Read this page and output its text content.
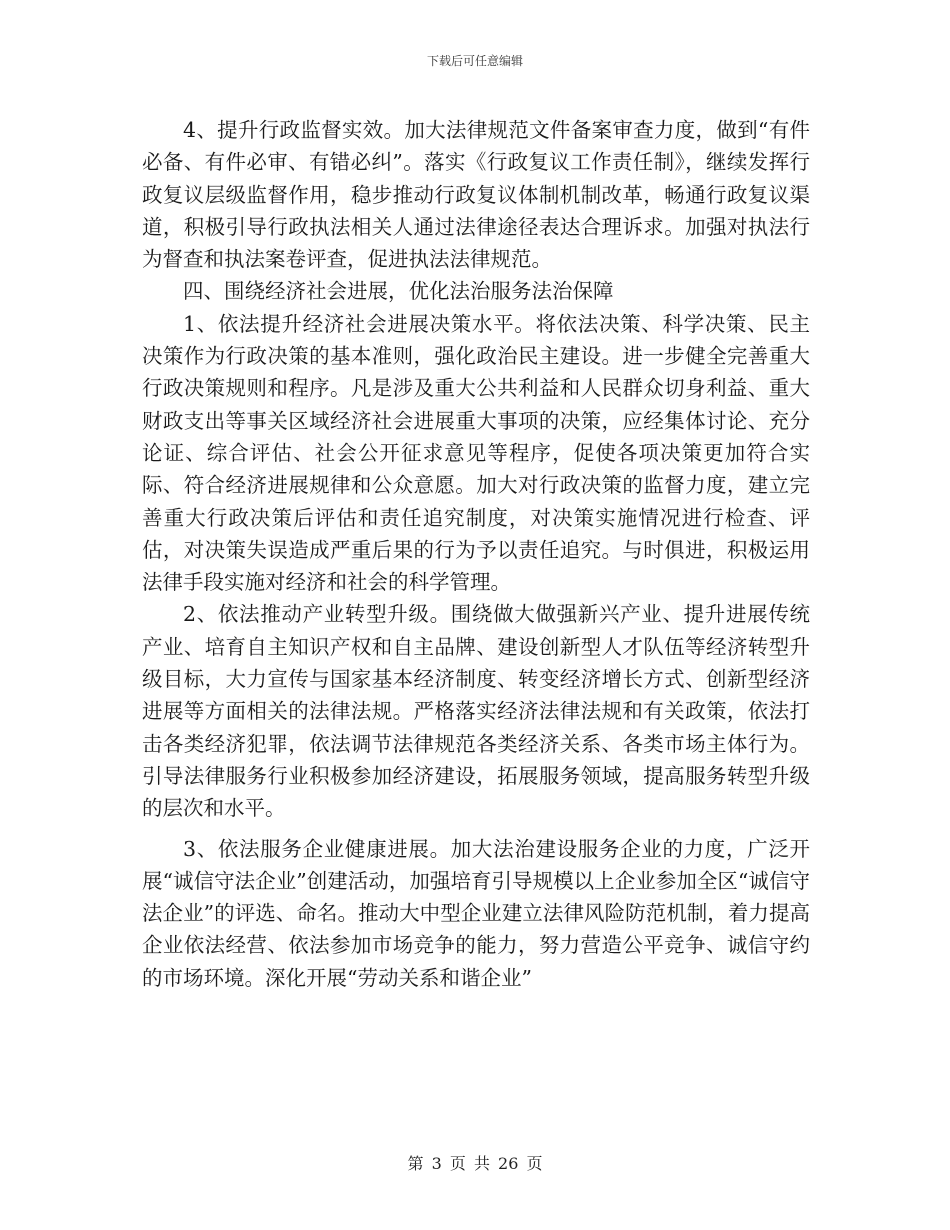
下载后可任意编辑

4、提升行政监督实效。加大法律规范文件备案审查力度，做到“有件必备、有件必审、有错必纠”。落实《行政复议工作责任制》，继续发挥行政复议层级监督作用，稳步推动行政复议体制机制改革，畅通行政复议渠道，积极引导行政执法相关人通过法律途径表达合理诉求。加强对执法行为督查和执法案卷评查，促进执法法律规范。

四、围绕经济社会进展，优化法治服务法治保障

1、依法提升经济社会进展决策水平。将依法决策、科学决策、民主决策作为行政决策的基本准则，强化政治民主建设。进一步健全完善重大行政决策规则和程序。凡是涉及重大公共利益和人民群众切身利益、重大财政支出等事关区域经济社会进展重大事项的决策，应经集体讨论、充分论证、综合评估、社会公开征求意见等程序，促使各项决策更加符合实际、符合经济进展规律和公众意愿。加大对行政决策的监督力度，建立完善重大行政决策后评估和责任追究制度，对决策实施情况进行检查、评估，对决策失误造成严重后果的行为予以责任追究。与时俱进，积极运用法律手段实施对经济和社会的科学管理。

2、依法推动产业转型升级。围绕做大做强新兴产业、提升进展传统产业、培育自主知识产权和自主品牌、建设创新型人才队伍等经济转型升级目标，大力宣传与国家基本经济制度、转变经济增长方式、创新型经济进展等方面相关的法律法规。严格落实经济法律法规和有关政策，依法打击各类经济犯罪，依法调节法律规范各类经济关系、各类市场主体行为。引导法律服务行业积极参加经济建设，拓展服务领域，提高服务转型升级的层次和水平。

3、依法服务企业健康进展。加大法治建设服务企业的力度，广泛开展“诚信守法企业”创建活动，加强培育引导规模以上企业参加全区“诚信守法企业”的评选、命名。推动大中型企业建立法律风险防范机制，着力提高企业依法经营、依法参加市场竞争的能力，努力营造公平竞争、诚信守约的市场环境。深化开展“劳动关系和谐企业”

第 3 页 共 26 页
